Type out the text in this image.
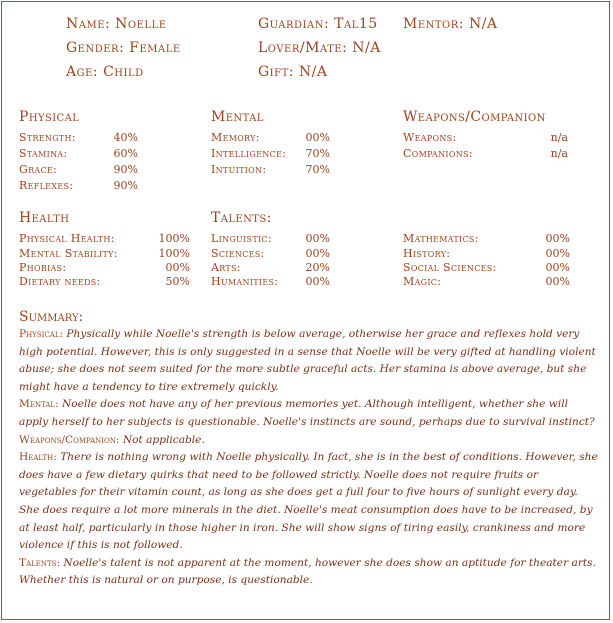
Name: Noelle
Gender: Female
Age: Child
Guardian: Tal15
Lover/Mate: N/A
Gift: N/A
Mentor: N/A
Physical
Strength:	40%
Stamina:	60%
Grace:	90%
Reflexes:	90%
Mental
Memory:	00%
Intelligence:	70%
Intuition:	70%
Weapons/Companion
Weapons:	n/a
Companions:	n/a
Health
Physical Health:	100%
Mental Stability:	100%
Phobias:	00%
Dietary needs:	50%
Talents:
Linguistic:	00%
Sciences:	00%
Arts:	20%
Humanities:	00%
Mathematics:	00%
History:	00%
Social Sciences:	00%
Magic:	00%
Summary:

Physical: Physically while Noelle's strength is below average, otherwise her grace and reflexes hold very high potential. However, this is only suggested in a sense that Noelle will be very gifted at handling violent abuse; she does not seem suited for the more subtle graceful acts. Her stamina is above average, but she might have a tendency to tire extremely quickly.

Mental: Noelle does not have any of her previous memories yet. Although intelligent, whether she will apply herself to her subjects is questionable. Noelle's instincts are sound, perhaps due to survival instinct?

Weapons/Companion: Not applicable.

Health: There is nothing wrong with Noelle physically. In fact, she is in the best of conditions. However, she does have a few dietary quirks that need to be followed strictly. Noelle does not require fruits or vegetables for their vitamin count, as long as she does get a full four to five hours of sunlight every day. She does require a lot more minerals in the diet. Noelle's meat consumption does have to be increased, by at least half, particularly in those higher in iron. She will show signs of tiring easily, crankiness and more violence if this is not followed.

Talents: Noelle's talent is not apparent at the moment, however she does show an aptitude for theater arts. Whether this is natural or on purpose, is questionable.
